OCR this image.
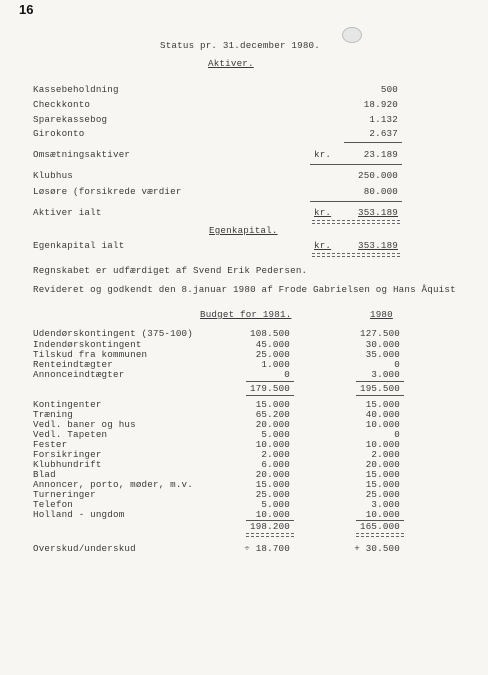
16
Status pr. 31.december 1980.
Aktiver.
Kassebeholdning	500
Checkkonto	18.920
Sparekassebog	1.132
Girokonto	2.637
Omsætningsaktiver	kr.	23.189
Klubhus	250.000
Løsøre (forsikrede værdier	80.000
Aktiver ialt	kr.	353.189
Egenkapital.
Egenkapital ialt	kr.	353.189
Regnskabet er udfærdiget af Svend Erik Pedersen.
Revideret og godkendt den 8.januar 1980 af Frode Gabrielsen og Hans Åquist
Budget for 1981.	1980
Udendørskontingent (375-100)	108.500	127.500
Indendørskontingent	45.000	30.000
Tilskud fra kommunen	25.000	35.000
Renteindtægter	1.000	0
Annonceindtægter	0	3.000
179.500	195.500
Kontingenter	15.000	15.000
Træning	65.200	40.000
Vedl. baner og hus	20.000	10.000
Vedl. Tapeten	5.000	0
Fester	10.000	10.000
Forsikringer	2.000	2.000
Klubhundrift	6.000	20.000
Blad	20.000	15.000
Annoncer, porto, møder, m.v.	15.000	15.000
Turneringer	25.000	25.000
Telefon	5.000	3.000
Holland - ungdom	10.000	10.000
198.200	165.000
Overskud/underskud	÷ 18.700	+ 30.500
